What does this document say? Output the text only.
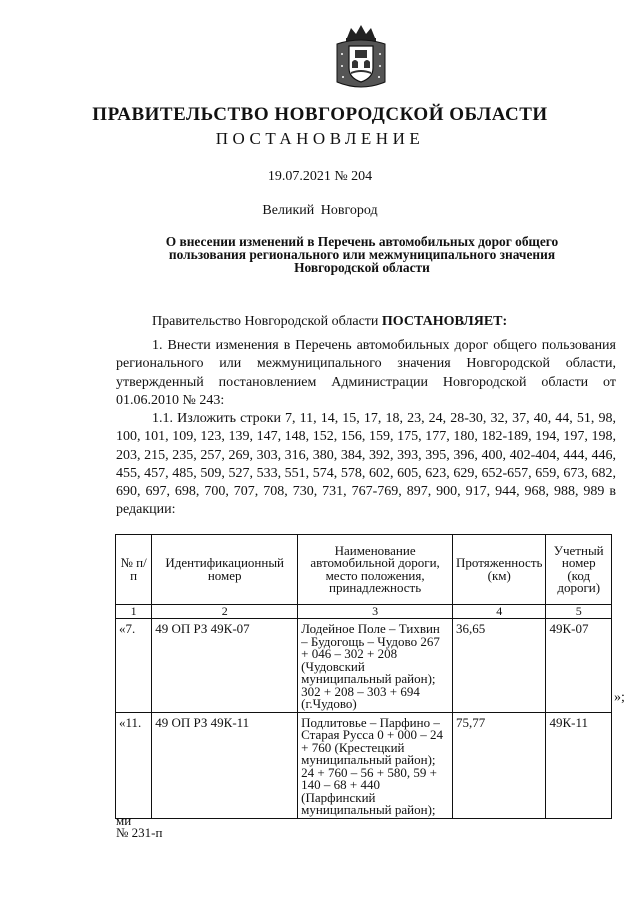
ПРАВИТЕЛЬСТВО НОВГОРОДСКОЙ ОБЛАСТИ
ПОСТАНОВЛЕНИЕ
19.07.2021 № 204
Великий Новгород
О внесении изменений в Перечень автомобильных дорог общего
пользования регионального или межмуниципального значения
Новгородской области
Правительство Новгородской области ПОСТАНОВЛЯЕТ:
1. Внести изменения в Перечень автомобильных дорог общего пользования регионального или межмуниципального значения Новгородской области, утвержденный постановлением Администрации Новгородской области от 01.06.2010 № 243:
1.1. Изложить строки 7, 11, 14, 15, 17, 18, 23, 24, 28-30, 32, 37, 40, 44, 51, 98, 100, 101, 109, 123, 139, 147, 148, 152, 156, 159, 175, 177, 180, 182-189, 194, 197, 198, 203, 215, 235, 257, 269, 303, 316, 380, 384, 392, 393, 395, 396, 400, 402-404, 444, 446, 455, 457, 485, 509, 527, 533, 551, 574, 578, 602, 605, 623, 629, 652-657, 659, 673, 682, 690, 697, 698, 700, 707, 708, 730, 731, 767-769, 897, 900, 917, 944, 968, 988, 989 в редакции:
№ п/п	Идентификационный номер	Наименование автомобильной дороги, место положения, принадлежность	Протяженность (км)	Учетный номер (код дороги)
1	2	3	4	5
«7.	49 ОП РЗ 49К-07	Лодейное Поле – Тихвин – Будогощь – Чудово 267 + 046 – 302 + 208 (Чудовский муниципальный район); 302 + 208 – 303 + 694 (г.Чудово)	36,65	49К-07
«11.	49 ОП РЗ 49К-11	Подлитовье – Парфино – Старая Русса 0 + 000 – 24 + 760 (Крестецкий муниципальный район); 24 + 760 – 56 + 580, 59 + 140 – 68 + 440 (Парфинский муниципальный район);	75,77	49К-11
»;
ми
№ 231-п
